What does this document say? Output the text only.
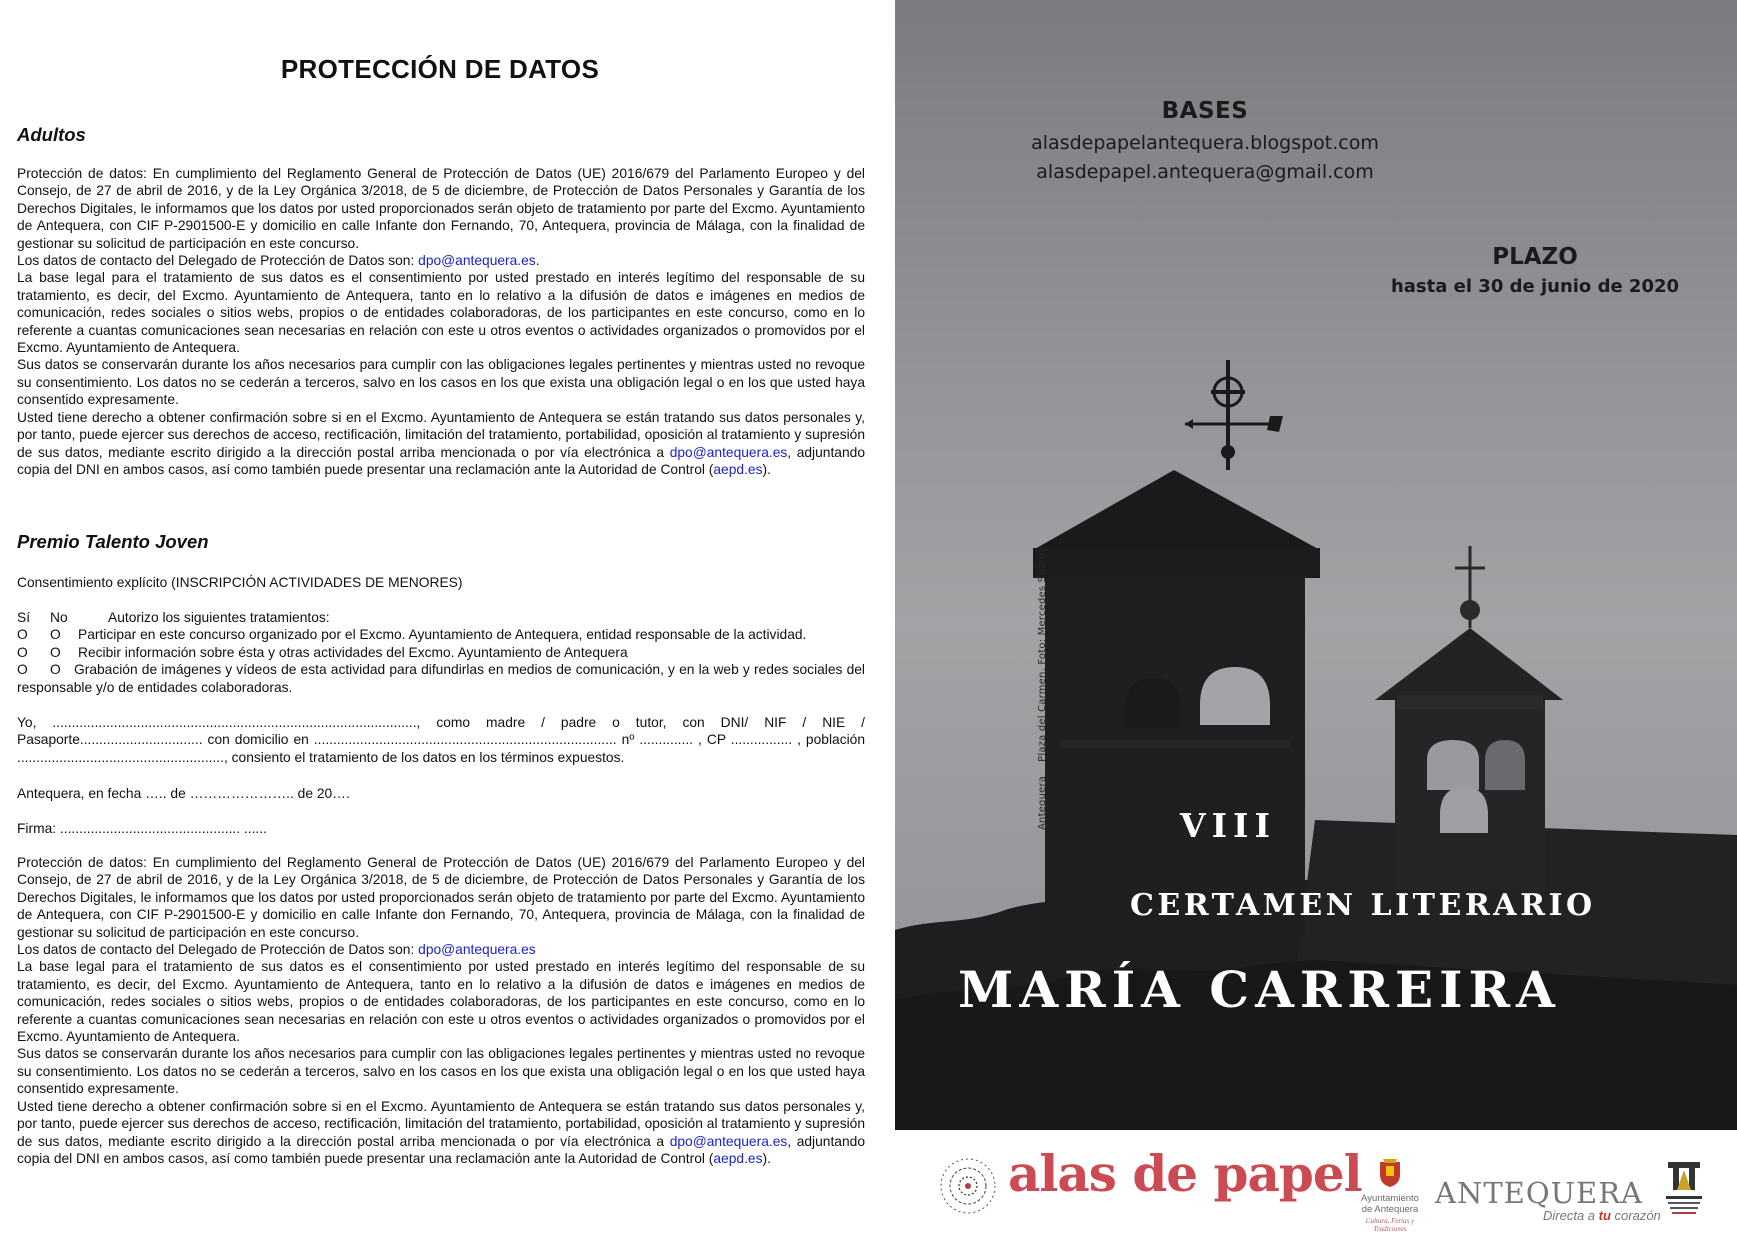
PROTECCIÓN DE DATOS
Adultos

Protección de datos: En cumplimiento del Reglamento General de Protección de Datos (UE) 2016/679 del Parlamento Europeo y del Consejo, de 27 de abril de 2016, y de la Ley Orgánica 3/2018, de 5 de diciembre, de Protección de Datos Personales y Garantía de los Derechos Digitales, le informamos que los datos por usted proporcionados serán objeto de tratamiento por parte del Excmo. Ayuntamiento de Antequera, con CIF P-2901500-E y domicilio en calle Infante don Fernando, 70, Antequera, provincia de Málaga, con la finalidad de gestionar su solicitud de participación en este concurso.

Los datos de contacto del Delegado de Protección de Datos son: dpo@antequera.es.

La base legal para el tratamiento de sus datos es el consentimiento por usted prestado en interés legítimo del responsable de su tratamiento, es decir, del Excmo. Ayuntamiento de Antequera, tanto en lo relativo a la difusión de datos e imágenes en medios de comunicación, redes sociales o sitios webs, propios o de entidades colaboradoras, de los participantes en este concurso, como en lo referente a cuantas comunicaciones sean necesarias en relación con este u otros eventos o actividades organizados o promovidos por el Excmo. Ayuntamiento de Antequera.

Sus datos se conservarán durante los años necesarios para cumplir con las obligaciones legales pertinentes y mientras usted no revoque su consentimiento. Los datos no se cederán a terceros, salvo en los casos en los que exista una obligación legal o en los que usted haya consentido expresamente.

Usted tiene derecho a obtener confirmación sobre si en el Excmo. Ayuntamiento de Antequera se están tratando sus datos personales y, por tanto, puede ejercer sus derechos de acceso, rectificación, limitación del tratamiento, portabilidad, oposición al tratamiento y supresión de sus datos, mediante escrito dirigido a la dirección postal arriba mencionada o por vía electrónica a dpo@antequera.es, adjuntando copia del DNI en ambos casos, así como también puede presentar una reclamación ante la Autoridad de Control (aepd.es).

Premio Talento Joven
Consentimiento explícito (INSCRIPCIÓN ACTIVIDADES DE MENORES)
Sí No	Autorizo los siguientes tratamientos:
O O Participar en este concurso organizado por el Excmo. Ayuntamiento de Antequera, entidad responsable de la actividad.
O O Recibir información sobre ésta y otras actividades del Excmo. Ayuntamiento de Antequera
O O Grabación de imágenes y vídeos de esta actividad para difundirlas en medios de comunicación, y en la web y redes sociales del responsable y/o de entidades colaboradoras.
Yo, ..............................................................................................., como madre / padre o tutor, con DNI/ NIF / NIE / Pasaporte................................ con domicilio en ............................................................................... nº .............. , CP ................ , población ......................................................, consiento el tratamiento de los datos en los términos expuestos.
Antequera, en fecha ….. de ………………….. de 20….
Firma: ............................................... ......

Protección de datos: En cumplimiento del Reglamento General de Protección de Datos (UE) 2016/679 del Parlamento Europeo y del Consejo, de 27 de abril de 2016, y de la Ley Orgánica 3/2018, de 5 de diciembre, de Protección de Datos Personales y Garantía de los Derechos Digitales, le informamos que los datos por usted proporcionados serán objeto de tratamiento por parte del Excmo. Ayuntamiento de Antequera, con CIF P-2901500-E y domicilio en calle Infante don Fernando, 70, Antequera, provincia de Málaga, con la finalidad de gestionar su solicitud de participación en este concurso.

Los datos de contacto del Delegado de Protección de Datos son: dpo@antequera.es

La base legal para el tratamiento de sus datos es el consentimiento por usted prestado en interés legítimo del responsable de su tratamiento, es decir, del Excmo. Ayuntamiento de Antequera, tanto en lo relativo a la difusión de datos e imágenes en medios de comunicación, redes sociales o sitios webs, propios o de entidades colaboradoras, de los participantes en este concurso, como en lo referente a cuantas comunicaciones sean necesarias en relación con este u otros eventos o actividades organizados o promovidos por el Excmo. Ayuntamiento de Antequera.

Sus datos se conservarán durante los años necesarios para cumplir con las obligaciones legales pertinentes y mientras usted no revoque su consentimiento. Los datos no se cederán a terceros, salvo en los casos en los que exista una obligación legal o en los que usted haya consentido expresamente.

Usted tiene derecho a obtener confirmación sobre si en el Excmo. Ayuntamiento de Antequera se están tratando sus datos personales y, por tanto, puede ejercer sus derechos de acceso, rectificación, limitación del tratamiento, portabilidad, oposición al tratamiento y supresión de sus datos, mediante escrito dirigido a la dirección postal arriba mencionada o por vía electrónica a dpo@antequera.es, adjuntando copia del DNI en ambos casos, así como también puede presentar una reclamación ante la Autoridad de Control (aepd.es).

BASES
alasdepapelantequera.blogspot.com
alasdepapel.antequera@gmail.com
PLAZO
hasta el 30 de junio de 2020
AntequeraPlaza del Carmen. Foto: Mercedes Suárez
VIII
CERTAMEN LITERARIO
MARÍA CARREIRA
alas de papel Ayuntamiento
de Antequera
Cultura, Ferias y Tradiciones
ANTEQUERA
Directa a tu corazón
